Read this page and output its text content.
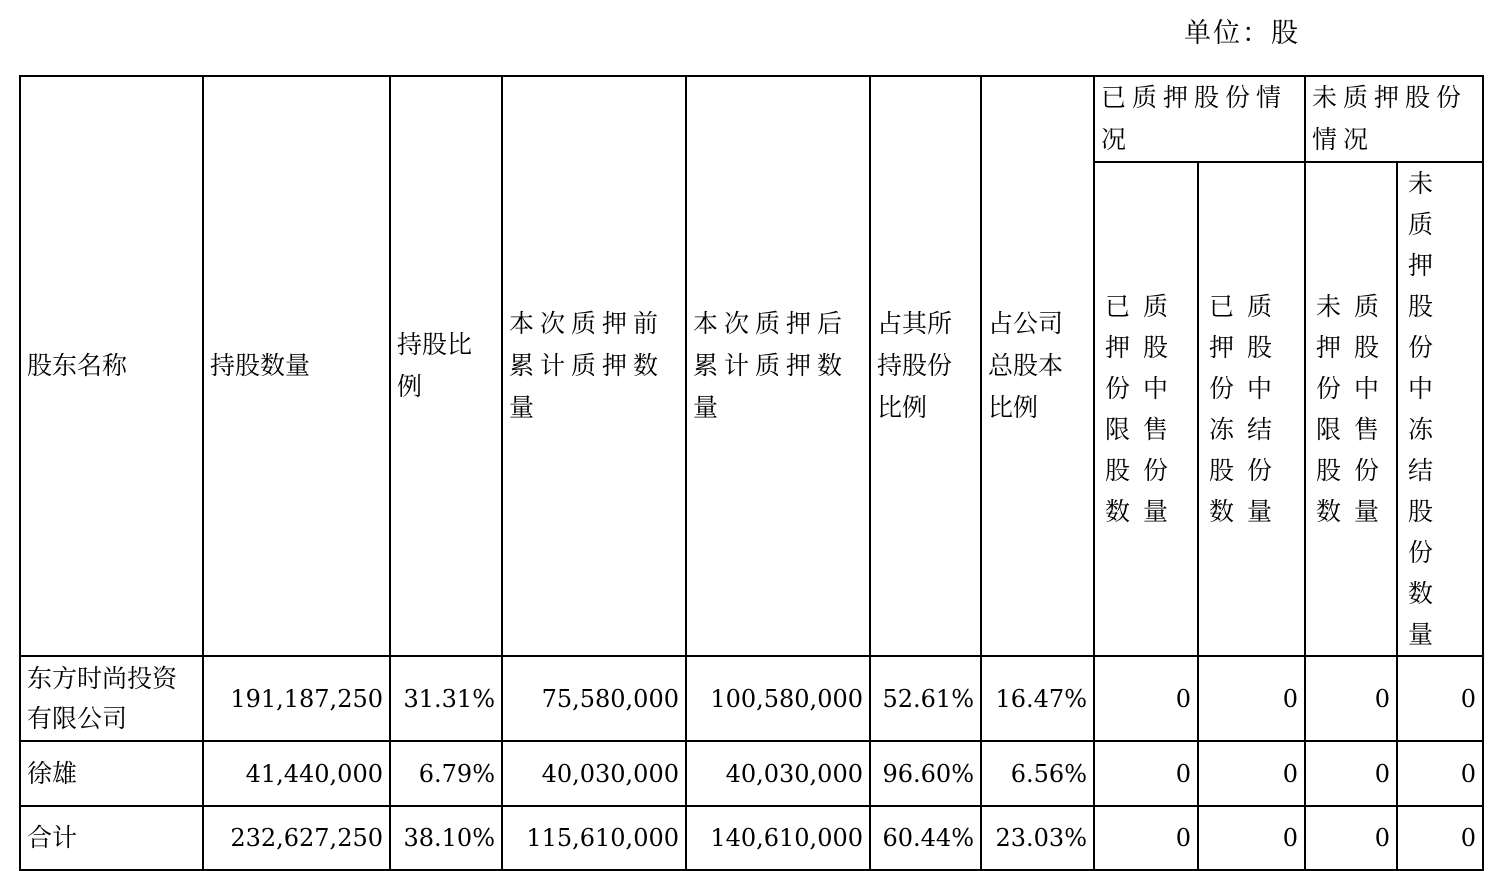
单位：股
股东名称	持股数量	持股比例	本次质押前累计质押数量	本次质押后累计质押数量	占其所持股份比例	占公司总股本比例	已质押股份情况		未质押股份情况	
							已质押股份中限售股份数量	已质押股份中冻结股份数量	未质押股份中限售股份数量	未质押股份中冻结股份数量
东方时尚投资有限公司	191,187,250	31.31%	75,580,000	100,580,000	52.61%	16.47%	0	0	0	0
徐雄	41,440,000	6.79%	40,030,000	40,030,000	96.60%	6.56%	0	0	0	0
合计	232,627,250	38.10%	115,610,000	140,610,000	60.44%	23.03%	0	0	0	0
